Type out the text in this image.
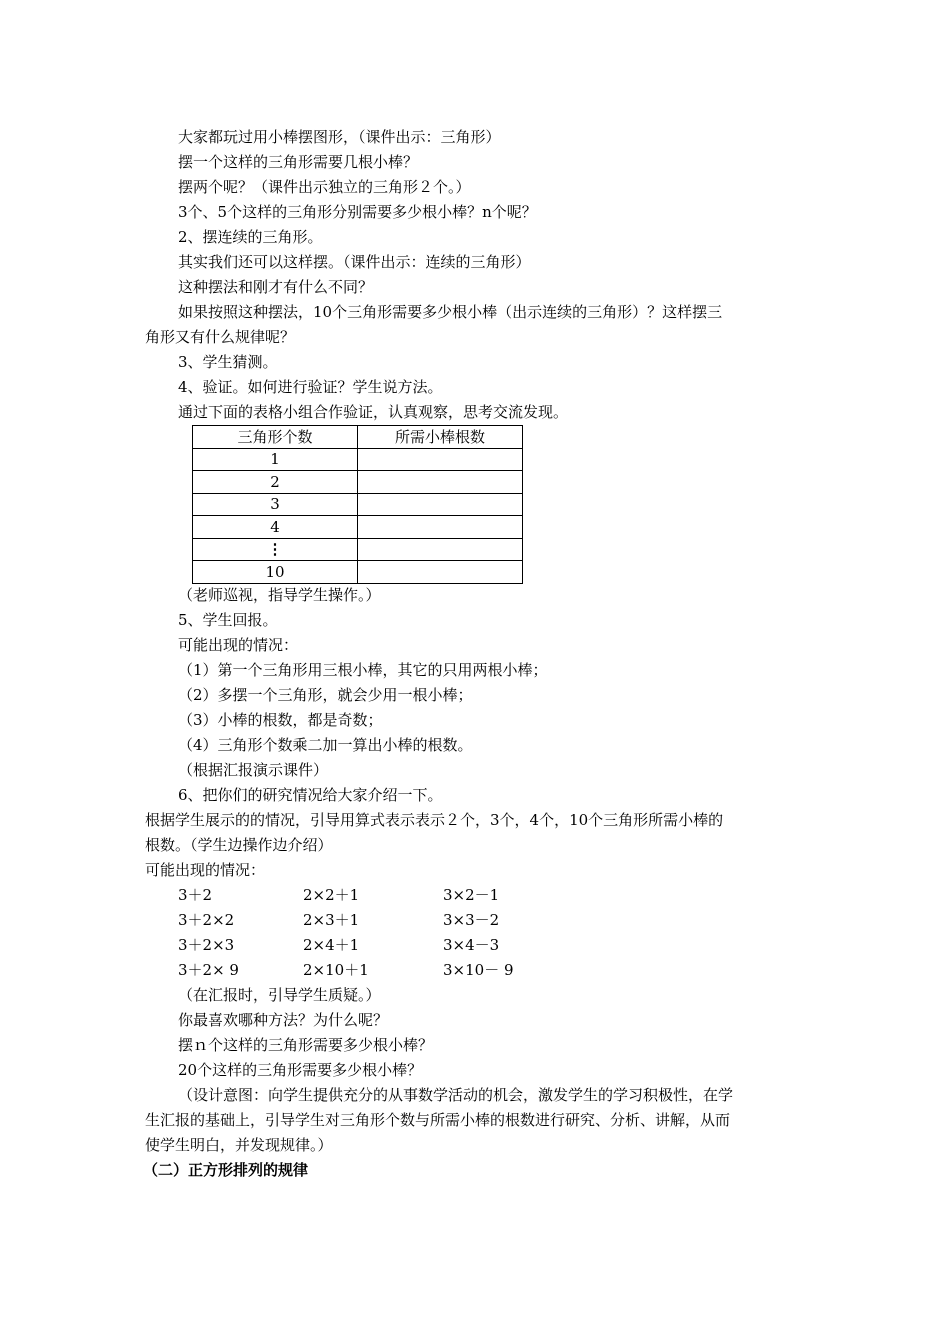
大家都玩过用小棒摆图形，（课件出示：三角形）
摆一个这样的三角形需要几根小棒？
摆两个呢？（课件出示独立的三角形２个。）
3个、5个这样的三角形分别需要多少根小棒？n个呢？
2、摆连续的三角形。
其实我们还可以这样摆。（课件出示：连续的三角形）
这种摆法和刚才有什么不同？
如果按照这种摆法，10个三角形需要多少根小棒（出示连续的三角形）？这样摆三
角形又有什么规律呢？
3、学生猜测。
4、验证。如何进行验证？学生说方法。
通过下面的表格小组合作验证，认真观察，思考交流发现。
三角形个数	所需小棒根数
1	
2	
3	
4	
⋮	
10	
（老师巡视，指导学生操作。）
5、学生回报。
可能出现的情况：
（1）第一个三角形用三根小棒，其它的只用两根小棒；
（2）多摆一个三角形，就会少用一根小棒；
（3）小棒的根数，都是奇数；
（4）三角形个数乘二加一算出小棒的根数。
（根据汇报演示课件）
6、把你们的研究情况给大家介绍一下。
根据学生展示的的情况，引导用算式表示表示２个，3个，4个，10个三角形所需小棒的
根数。（学生边操作边介绍）
可能出现的情况：
3＋2	2×2＋1	3×2－1
3＋2×2	2×3＋1	3×3－2
3＋2×3	2×4＋1	3×4－3
3＋2× 9	2×10＋1	3×10－ 9
（在汇报时，引导学生质疑。）
你最喜欢哪种方法？为什么呢？
摆ｎ个这样的三角形需要多少根小棒？
20个这样的三角形需要多少根小棒？
（设计意图：向学生提供充分的从事数学活动的机会，激发学生的学习积极性，在学
生汇报的基础上，引导学生对三角形个数与所需小棒的根数进行研究、分析、讲解，从而
使学生明白，并发现规律。）
（二）正方形排列的规律
